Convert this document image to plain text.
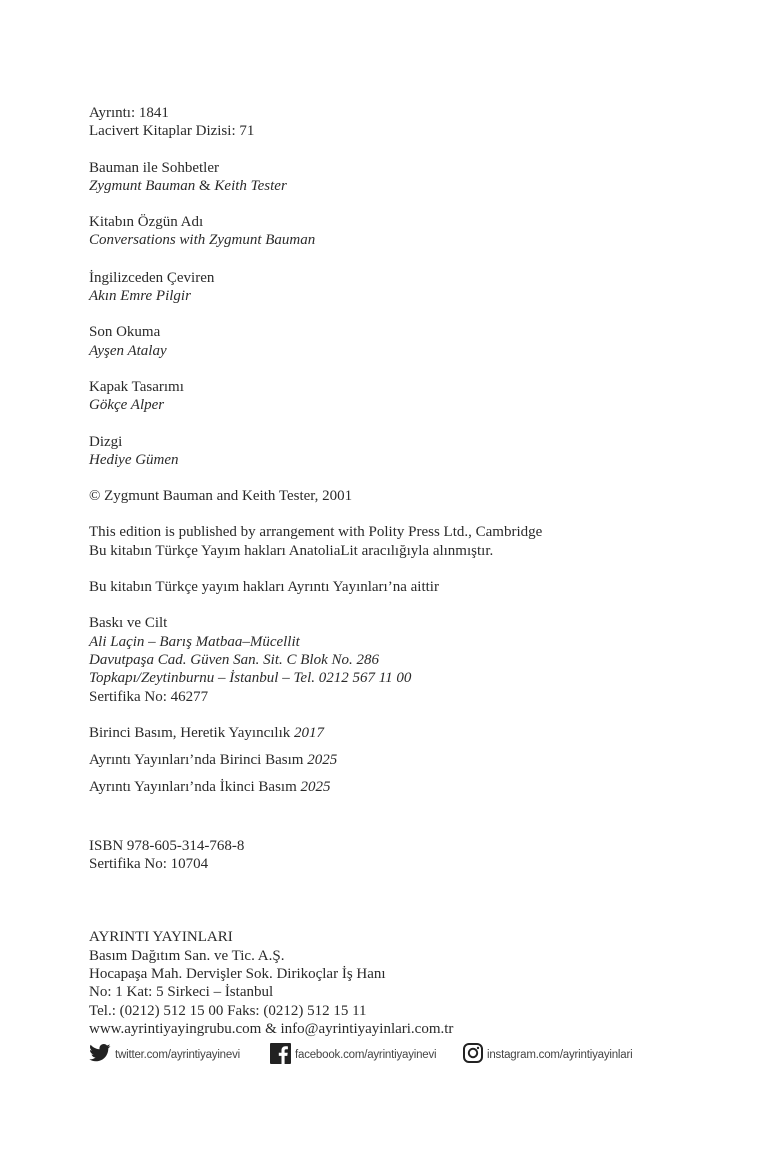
Ayrıntı: 1841
Lacivert Kitaplar Dizisi: 71
Bauman ile Sohbetler
Zygmunt Bauman & Keith Tester
Kitabın Özgün Adı
Conversations with Zygmunt Bauman
İngilizceden Çeviren
Akın Emre Pilgir
Son Okuma
Ayşen Atalay
Kapak Tasarımı
Gökçe Alper
Dizgi
Hediye Gümen
© Zygmunt Bauman and Keith Tester, 2001
This edition is published by arrangement with Polity Press Ltd., Cambridge
Bu kitabın Türkçe Yayım hakları AnatoliaLit aracılığıyla alınmıştır.
Bu kitabın Türkçe yayım hakları Ayrıntı Yayınları’na aittir
Baskı ve Cilt
Ali Laçin – Barış Matbaa–Mücellit
Davutpaşa Cad. Güven San. Sit. C Blok No. 286
Topkapı/Zeytinburnu – İstanbul – Tel. 0212 567 11 00
Sertifika No: 46277
Birinci Basım, Heretik Yayıncılık 2017
Ayrıntı Yayınları’nda Birinci Basım 2025
Ayrıntı Yayınları’nda İkinci Basım 2025
ISBN 978-605-314-768-8
Sertifika No: 10704
AYRINTI YAYINLARI
Basım Dağıtım San. ve Tic. A.Ş.
Hocapaşa Mah. Dervişler Sok. Dirikoçlar İş Hanı
No: 1 Kat: 5 Sirkeci – İstanbul
Tel.: (0212) 512 15 00 Faks: (0212) 512 15 11
www.ayrintiyayingrubu.com & info@ayrintiyayinlari.com.tr
twitter.com/ayrintiyayinevi	facebook.com/ayrintiyayinevi	instagram.com/ayrintiyayinlari
